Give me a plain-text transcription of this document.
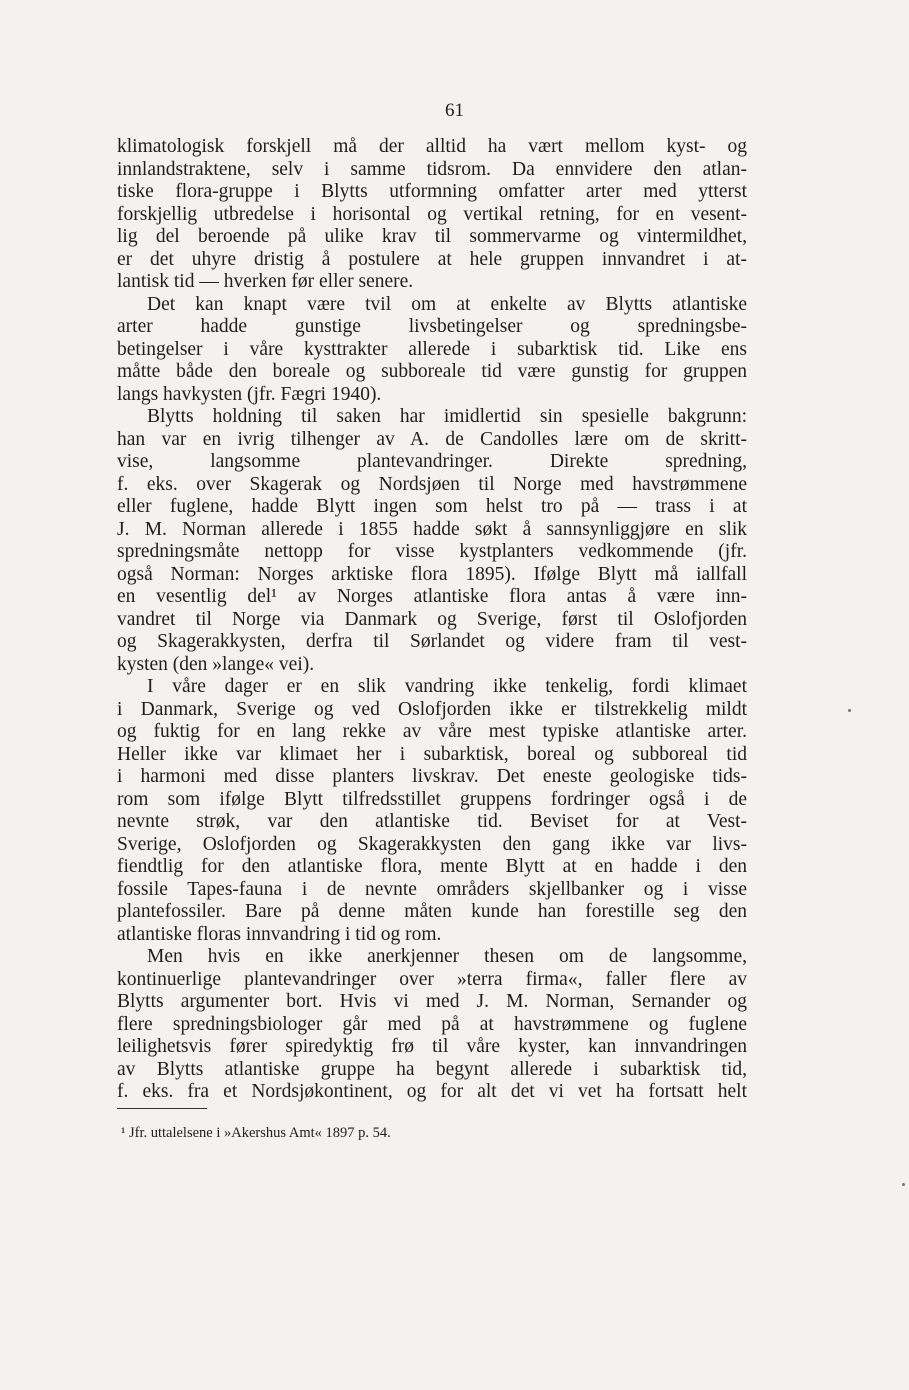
61
klimatologisk forskjell må der alltid ha vært mellom kyst- og
innlandstraktene, selv i samme tidsrom. Da ennvidere den atlan-
tiske flora-gruppe i Blytts utformning omfatter arter med ytterst
forskjellig utbredelse i horisontal og vertikal retning, for en vesent-
lig del beroende på ulike krav til sommervarme og vintermildhet,
er det uhyre dristig å postulere at hele gruppen innvandret i at-
lantisk tid — hverken før eller senere.
Det kan knapt være tvil om at enkelte av Blytts atlantiske
arter hadde gunstige livsbetingelser og spredningsbe-
betingelser i våre kysttrakter allerede i subarktisk tid. Like ens
måtte både den boreale og subboreale tid være gunstig for gruppen
langs havkysten (jfr. Fægri 1940).
Blytts holdning til saken har imidlertid sin spesielle bakgrunn:
han var en ivrig tilhenger av A. de Candolles lære om de skritt-
vise, langsomme plantevandringer. Direkte spredning,
f. eks. over Skagerak og Nordsjøen til Norge med havstrømmene
eller fuglene, hadde Blytt ingen som helst tro på — trass i at
J. M. Norman allerede i 1855 hadde søkt å sannsynliggjøre en slik
spredningsmåte nettopp for visse kystplanters vedkommende (jfr.
også Norman: Norges arktiske flora 1895). Ifølge Blytt må iallfall
en vesentlig del¹ av Norges atlantiske flora antas å være inn-
vandret til Norge via Danmark og Sverige, først til Oslofjorden
og Skagerakkysten, derfra til Sørlandet og videre fram til vest-
kysten (den »lange« vei).
I våre dager er en slik vandring ikke tenkelig, fordi klimaet
i Danmark, Sverige og ved Oslofjorden ikke er tilstrekkelig mildt
og fuktig for en lang rekke av våre mest typiske atlantiske arter.
Heller ikke var klimaet her i subarktisk, boreal og subboreal tid
i harmoni med disse planters livskrav. Det eneste geologiske tids-
rom som ifølge Blytt tilfredsstillet gruppens fordringer også i de
nevnte strøk, var den atlantiske tid. Beviset for at Vest-
Sverige, Oslofjorden og Skagerakkysten den gang ikke var livs-
fiendtlig for den atlantiske flora, mente Blytt at en hadde i den
fossile Tapes-fauna i de nevnte områders skjellbanker og i visse
plantefossiler. Bare på denne måten kunde han forestille seg den
atlantiske floras innvandring i tid og rom.
Men hvis en ikke anerkjenner thesen om de langsomme,
kontinuerlige plantevandringer over »terra firma«, faller flere av
Blytts argumenter bort. Hvis vi med J. M. Norman, Sernander og
flere spredningsbiologer går med på at havstrømmene og fuglene
leilighetsvis fører spiredyktig frø til våre kyster, kan innvandringen
av Blytts atlantiske gruppe ha begynt allerede i subarktisk tid,
f. eks. fra et Nordsjøkontinent, og for alt det vi vet ha fortsatt helt
¹ Jfr. uttalelsene i »Akershus Amt« 1897 p. 54.
